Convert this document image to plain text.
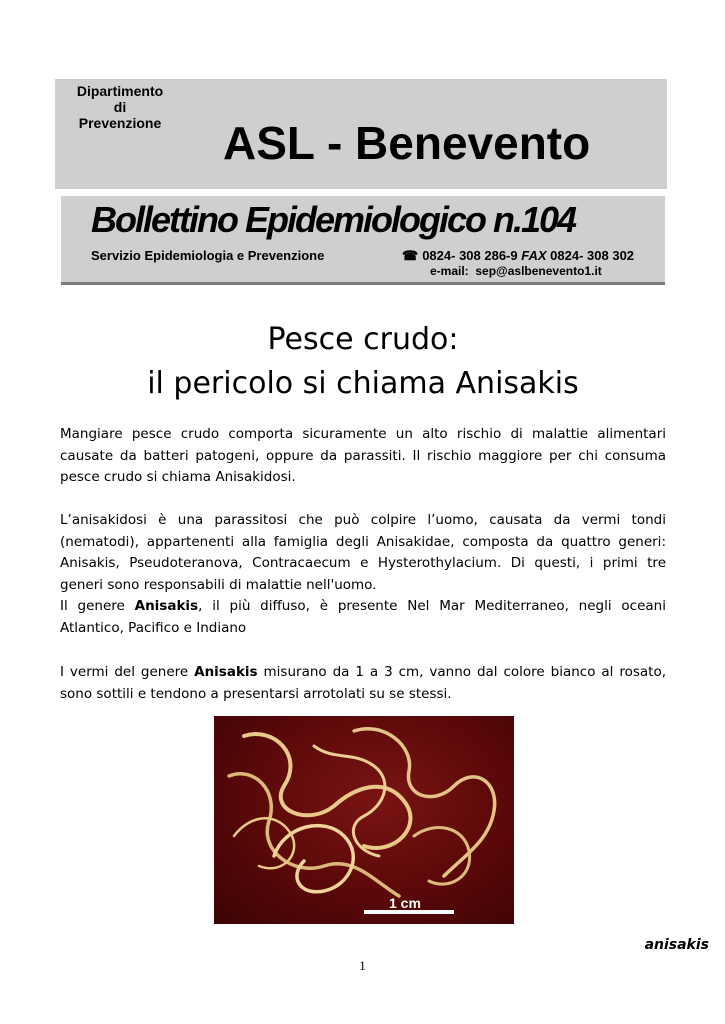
Dipartimento
di
Prevenzione ASL - Benevento
Bollettino Epidemiologico n.104
Servizio Epidemiologia e Prevenzione	☎ 0824- 308 286-9 FAX 0824- 308 302
e-mail: sep@aslbenevento1.it
Pesce crudo:
il pericolo si chiama Anisakis

Mangiare pesce crudo comporta sicuramente un alto rischio di malattie alimentari causate da batteri patogeni, oppure da parassiti. Il rischio maggiore per chi consuma pesce crudo si chiama Anisakidosi.

L’anisakidosi è una parassitosi che può colpire l’uomo, causata da vermi tondi (nematodi), appartenenti alla famiglia degli Anisakidae, composta da quattro generi: Anisakis, Pseudoteranova, Contracaecum e Hysterothylacium. Di questi, i primi tre generi sono responsabili di malattie nell'uomo.

Il genere Anisakis, il più diffuso, è presente Nel Mar Mediterraneo, negli oceani Atlantico, Pacifico e Indiano

I vermi del genere Anisakis misurano da 1 a 3 cm, vanno dal colore bianco al rosato, sono sottili e tendono a presentarsi arrotolati su se stessi.

1 cm
anisakis
1
